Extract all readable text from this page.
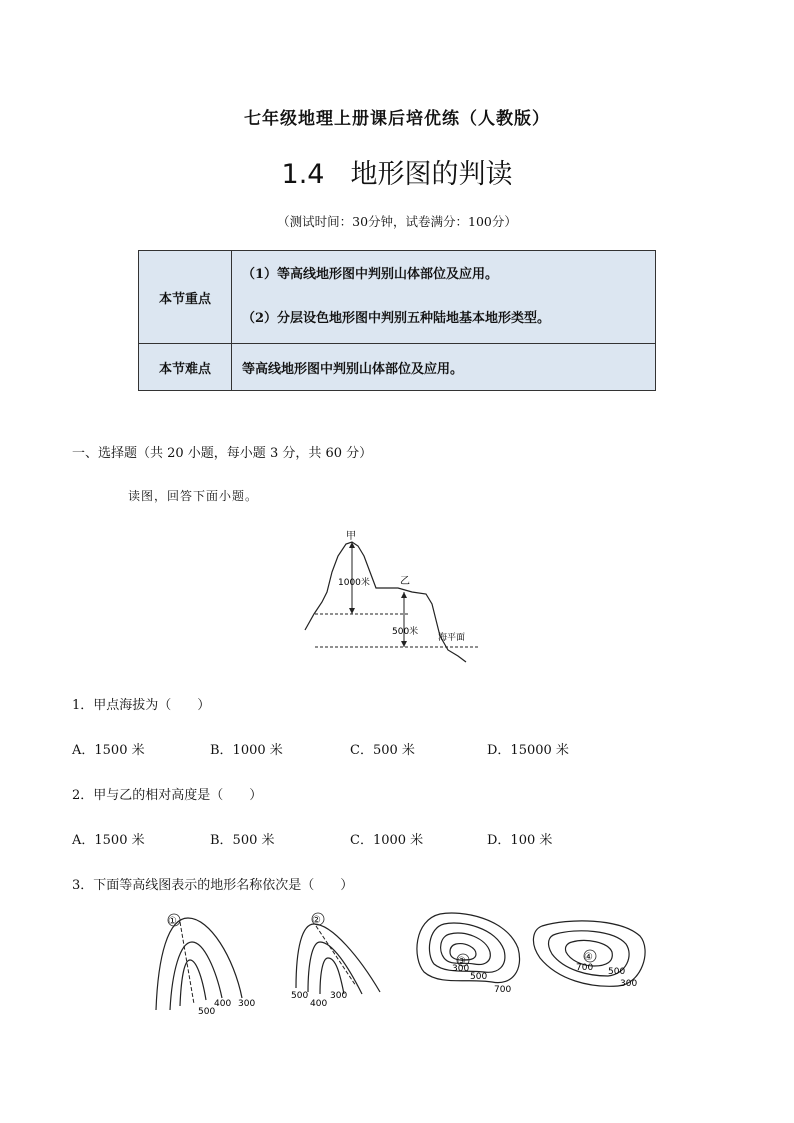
七年级地理上册课后培优练（人教版）
1.4 地形图的判读
（测试时间：30分钟，试卷满分：100分）
本节重点	（1）等高线地形图中判别山体部位及应用。

（2）分层设色地形图中判别五种陆地基本地形类型。

本节难点	等高线地形图中判别山体部位及应用。
一、选择题（共 20 小题，每小题 3 分，共 60 分）
读图，回答下面小题。
甲
1000米	乙
500米
海平面
1．甲点海拔为（　　）
A．1500 米	B．1000 米	C．500 米	D．15000 米
2．甲与乙的相对高度是（　　）
A．1500 米	B．500 米	C．1000 米	D．100 米
3．下面等高线图表示的地形名称依次是（　　）
①
400 300
500
②
500
400
300
③
300
500
700
④
700 500
300
